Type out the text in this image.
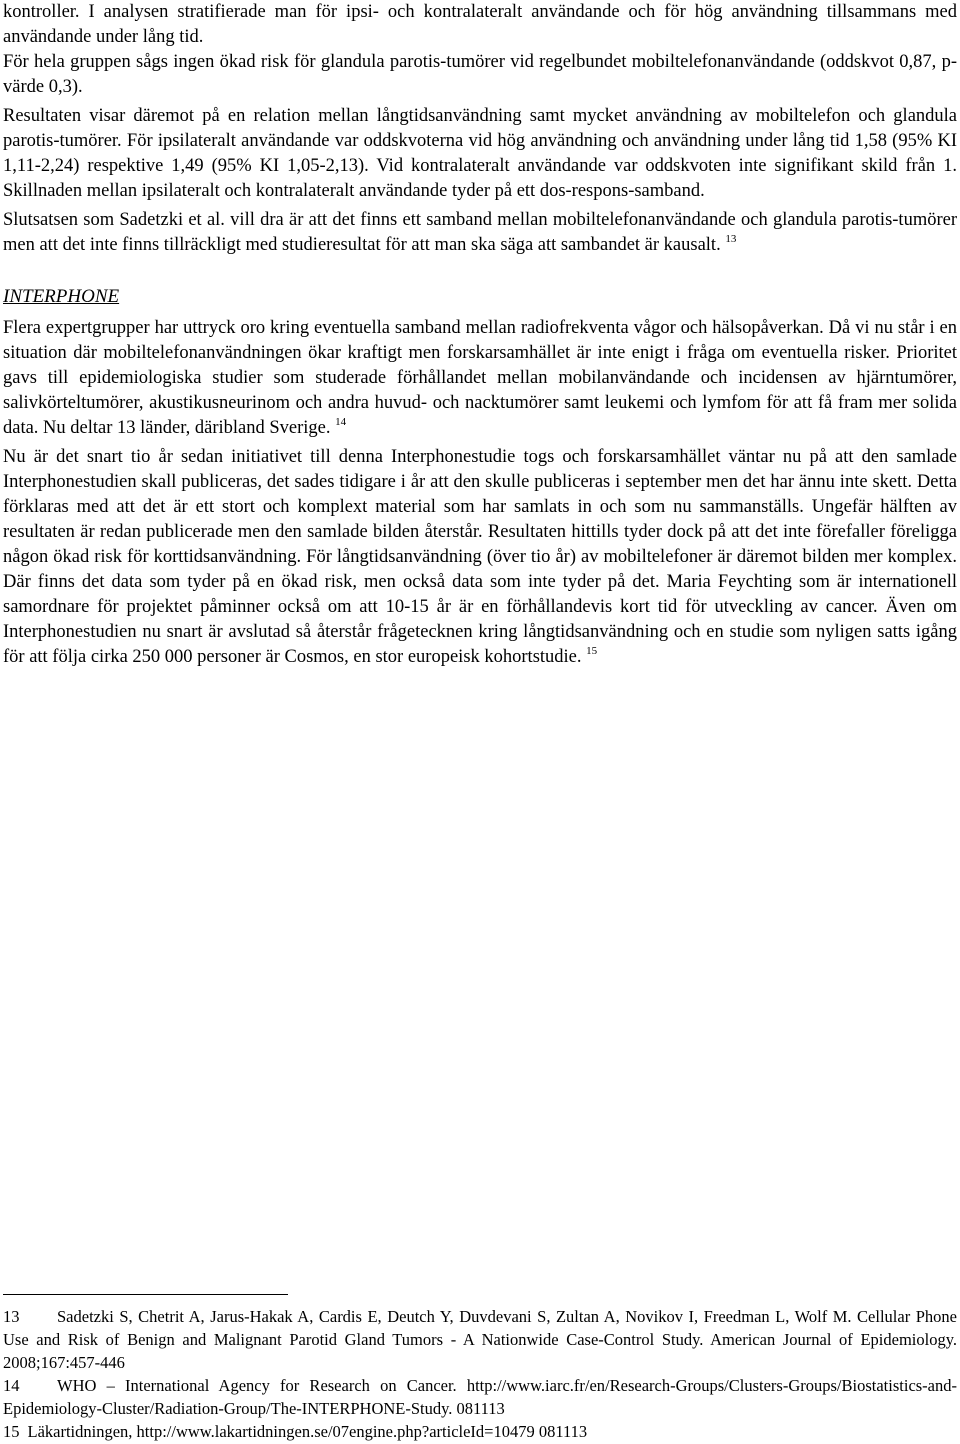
kontroller. I analysen stratifierade man för ipsi- och kontralateralt användande och för hög användning tillsammans med användande under lång tid.

För hela gruppen sågs ingen ökad risk för glandula parotis-tumörer vid regelbundet mobiltelefonanvändande (oddskvot 0,87, p-värde 0,3).

Resultaten visar däremot på en relation mellan långtidsanvändning samt mycket användning av mobiltelefon och glandula parotis-tumörer. För ipsilateralt användande var oddskvoterna vid hög användning och användning under lång tid 1,58 (95% KI 1,11-2,24) respektive 1,49 (95% KI 1,05-2,13). Vid kontralateralt användande var oddskvoten inte signifikant skild från 1. Skillnaden mellan ipsilateralt och kontralateralt användande tyder på ett dos-respons-samband.

Slutsatsen som Sadetzki et al. vill dra är att det finns ett samband mellan mobiltelefonanvändande och glandula parotis-tumörer men att det inte finns tillräckligt med studieresultat för att man ska säga att sambandet är kausalt. $^{13}$

INTERPHONE

Flera expertgrupper har uttryck oro kring eventuella samband mellan radiofrekventa vågor och hälsopåverkan. Då vi nu står i en situation där mobiltelefonanvändningen ökar kraftigt men forskarsamhället är inte enigt i fråga om eventuella risker. Prioritet gavs till epidemiologiska studier som studerade förhållandet mellan mobilanvändande och incidensen av hjärntumörer, salivkörteltumörer, akustikusneurinom och andra huvud- och nacktumörer samt leukemi och lymfom för att få fram mer solida data. Nu deltar 13 länder, däribland Sverige. $^{14}$

Nu är det snart tio år sedan initiativet till denna Interphonestudie togs och forskarsamhället väntar nu på att den samlade Interphonestudien skall publiceras, det sades tidigare i år att den skulle publiceras i september men det har ännu inte skett. Detta förklaras med att det är ett stort och komplext material som har samlats in och som nu sammanställs. Ungefär hälften av resultaten är redan publicerade men den samlade bilden återstår. Resultaten hittills tyder dock på att det inte förefaller föreligga någon ökad risk för korttidsanvändning. För långtidsanvändning (över tio år) av mobiltelefoner är däremot bilden mer komplex. Där finns det data som tyder på en ökad risk, men också data som inte tyder på det. Maria Feychting som är internationell samordnare för projektet påminner också om att 10-15 år är en förhållandevis kort tid för utveckling av cancer. Även om Interphonestudien nu snart är avslutad så återstår frågetecknen kring långtidsanvändning och en studie som nyligen satts igång för att följa cirka 250 000 personer är Cosmos, en stor europeisk kohortstudie. $^{15}$

13 Sadetzki S, Chetrit A, Jarus-Hakak A, Cardis E, Deutch Y, Duvdevani S, Zultan A, Novikov I, Freedman L, Wolf M. Cellular Phone Use and Risk of Benign and Malignant Parotid Gland Tumors - A Nationwide Case-Control Study. American Journal of Epidemiology. 2008;167:457-446

14 WHO – International Agency for Research on Cancer. http://www.iarc.fr/en/Research-Groups/Clusters-Groups/Biostatistics-and-Epidemiology-Cluster/Radiation-Group/The-INTERPHONE-Study. 081113

15 Läkartidningen, http://www.lakartidningen.se/07engine.php?articleId=10479 081113
